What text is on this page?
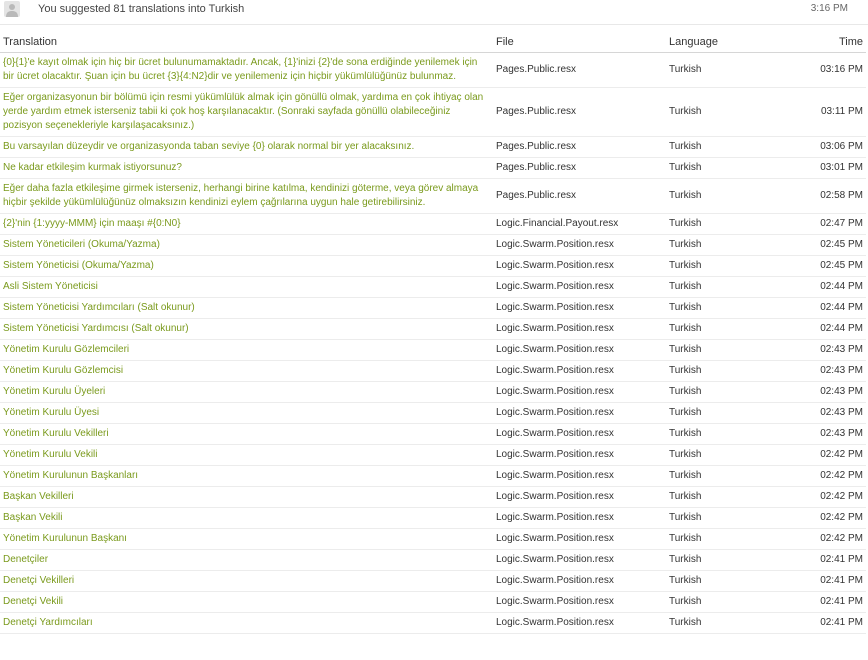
You suggested 81 translations into Turkish	3:16 PM
Translation	File	Language	Time
{0}{1}'e kayıt olmak için hiç bir ücret bulunumamaktadır. Ancak, {1}'inizi {2}'de sona erdiğinde yenilemek için bir ücret olacaktır. Şuan için bu ücret {3}{4:N2}dir ve yenilemeniz için hiçbir yükümlülüğünüz bulunmaz.	Pages.Public.resx	Turkish	03:16 PM
Eğer organizasyonun bir bölümü için resmi yükümlülük almak için gönüllü olmak, yardıma en çok ihtiyaç olan yerde yardım etmek isterseniz tabii ki çok hoş karşılanacaktır. (Sonraki sayfada gönüllü olabileceğiniz pozisyon seçenekleriyle karşılaşacaksınız.)	Pages.Public.resx	Turkish	03:11 PM
Bu varsayılan düzeydir ve organizasyonda taban seviye {0} olarak normal bir yer alacaksınız.	Pages.Public.resx	Turkish	03:06 PM
Ne kadar etkileşim kurmak istiyorsunuz?	Pages.Public.resx	Turkish	03:01 PM
Eğer daha fazla etkileşime girmek isterseniz, herhangi birine katılma, kendinizi göterme, veya görev almaya hiçbir şekilde yükümlülüğünüz olmaksızın kendinizi eylem çağrılarına uygun hale getirebilirsiniz.	Pages.Public.resx	Turkish	02:58 PM
{2}'nin {1:yyyy-MMM} için maaşı #{0:N0}	Logic.Financial.Payout.resx	Turkish	02:47 PM
Sistem Yöneticileri (Okuma/Yazma)	Logic.Swarm.Position.resx	Turkish	02:45 PM
Sistem Yöneticisi (Okuma/Yazma)	Logic.Swarm.Position.resx	Turkish	02:45 PM
Asli Sistem Yöneticisi	Logic.Swarm.Position.resx	Turkish	02:44 PM
Sistem Yöneticisi Yardımcıları (Salt okunur)	Logic.Swarm.Position.resx	Turkish	02:44 PM
Sistem Yöneticisi Yardımcısı (Salt okunur)	Logic.Swarm.Position.resx	Turkish	02:44 PM
Yönetim Kurulu Gözlemcileri	Logic.Swarm.Position.resx	Turkish	02:43 PM
Yönetim Kurulu Gözlemcisi	Logic.Swarm.Position.resx	Turkish	02:43 PM
Yönetim Kurulu Üyeleri	Logic.Swarm.Position.resx	Turkish	02:43 PM
Yönetim Kurulu Üyesi	Logic.Swarm.Position.resx	Turkish	02:43 PM
Yönetim Kurulu Vekilleri	Logic.Swarm.Position.resx	Turkish	02:43 PM
Yönetim Kurulu Vekili	Logic.Swarm.Position.resx	Turkish	02:42 PM
Yönetim Kurulunun Başkanları	Logic.Swarm.Position.resx	Turkish	02:42 PM
Başkan Vekilleri	Logic.Swarm.Position.resx	Turkish	02:42 PM
Başkan Vekili	Logic.Swarm.Position.resx	Turkish	02:42 PM
Yönetim Kurulunun Başkanı	Logic.Swarm.Position.resx	Turkish	02:42 PM
Denetçiler	Logic.Swarm.Position.resx	Turkish	02:41 PM
Denetçi Vekilleri	Logic.Swarm.Position.resx	Turkish	02:41 PM
Denetçi Vekili	Logic.Swarm.Position.resx	Turkish	02:41 PM
Denetçi Yardımcıları	Logic.Swarm.Position.resx	Turkish	02:41 PM
